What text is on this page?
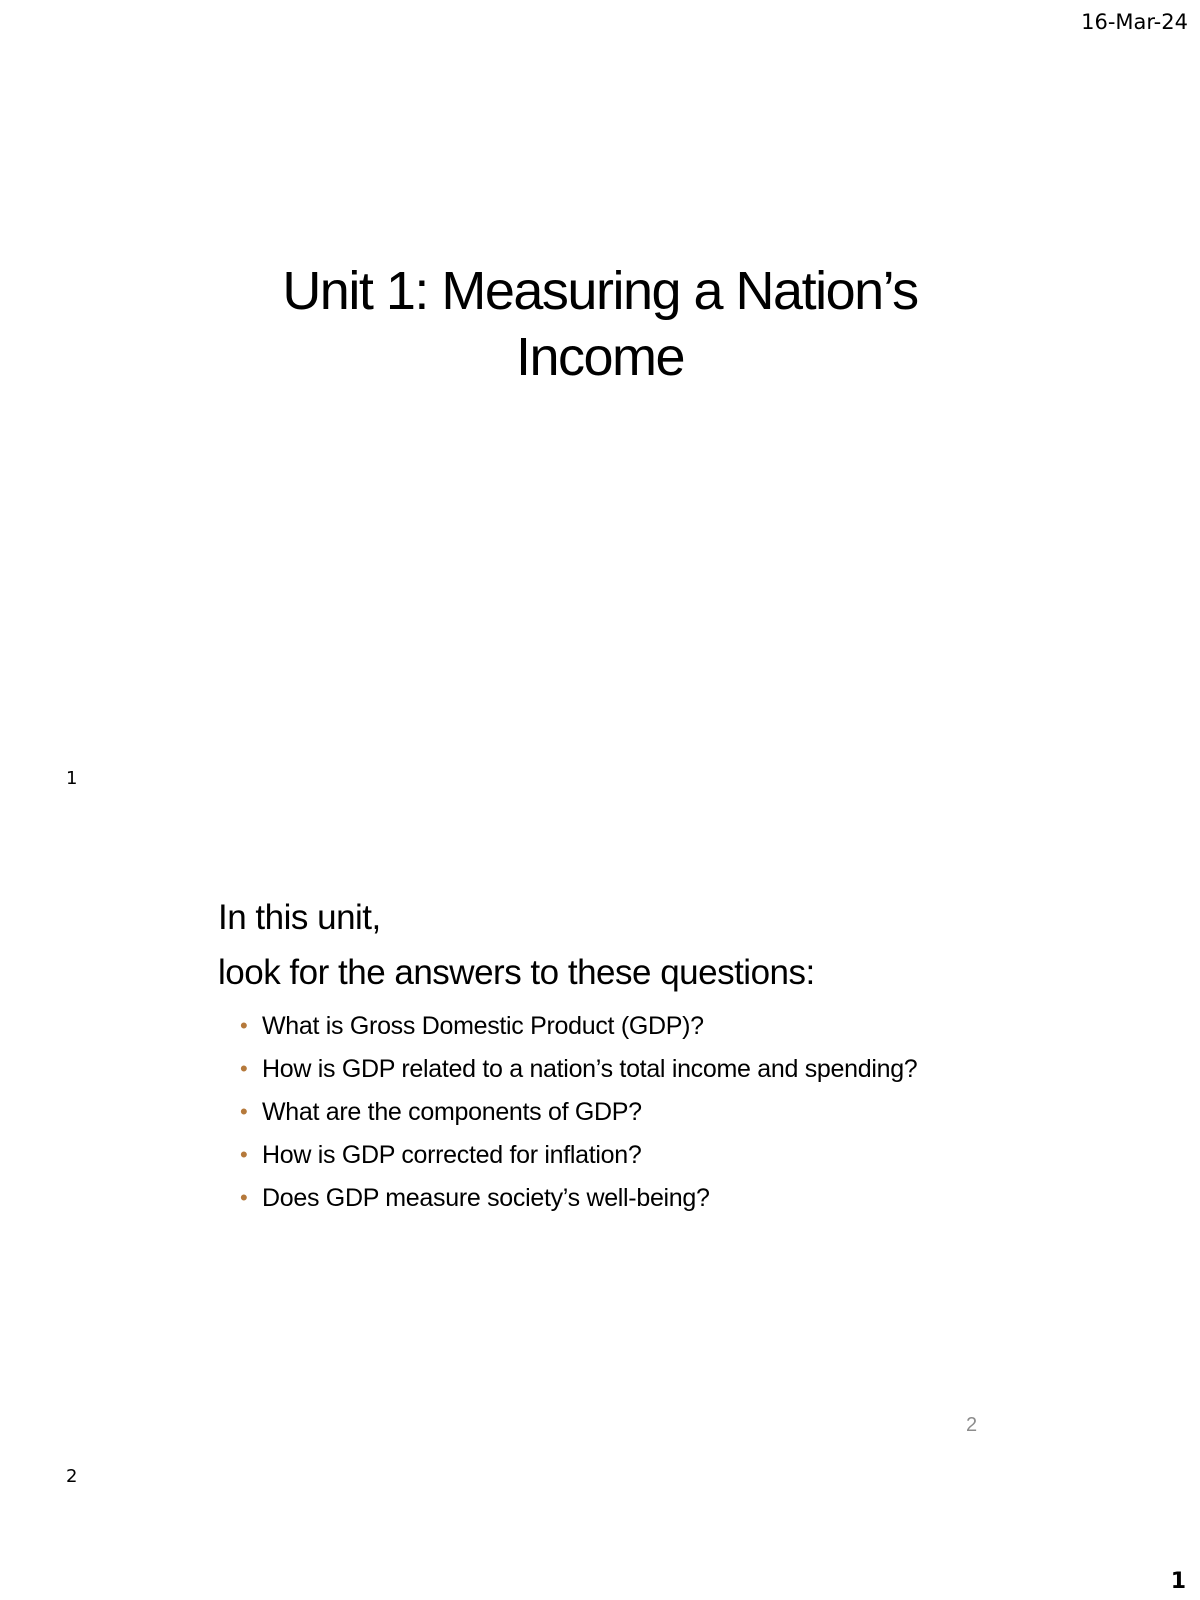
16-Mar-24
Unit 1: Measuring a Nation’s
Income
1
In this unit,
look for the answers to these questions:
• What is Gross Domestic Product (GDP)?
• How is GDP related to a nation’s total income and spending?
• What are the components of GDP?
• How is GDP corrected for inflation?
• Does GDP measure society’s well-being?
2
2
1
